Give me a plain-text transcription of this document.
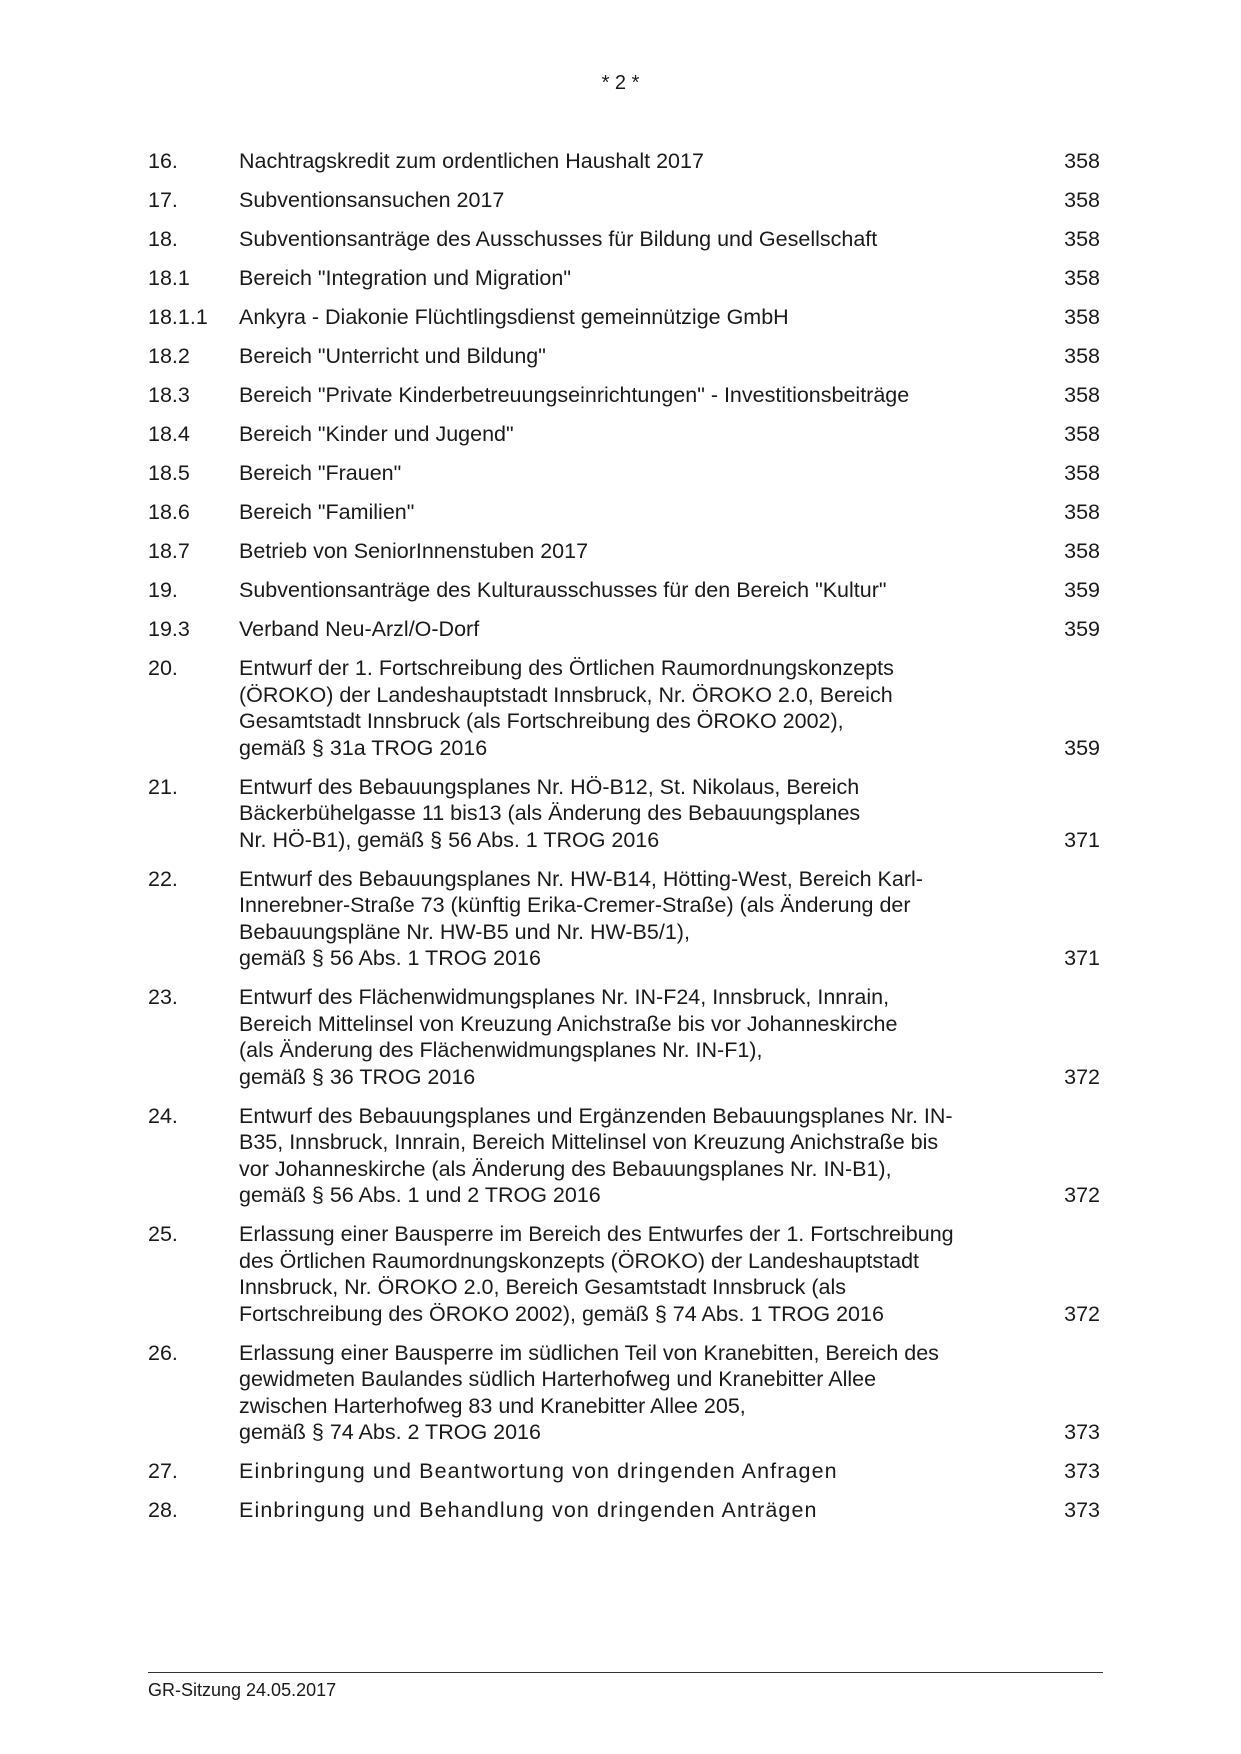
* 2 *
16.	Nachtragskredit zum ordentlichen Haushalt 2017	358
17.	Subventionsansuchen 2017	358
18.	Subventionsanträge des Ausschusses für Bildung und Gesellschaft	358
18.1	Bereich "Integration und Migration"	358
18.1.1	Ankyra - Diakonie Flüchtlingsdienst gemeinnützige GmbH	358
18.2	Bereich "Unterricht und Bildung"	358
18.3	Bereich "Private Kinderbetreuungseinrichtungen" - Investitionsbeiträge	358
18.4	Bereich "Kinder und Jugend"	358
18.5	Bereich "Frauen"	358
18.6	Bereich "Familien"	358
18.7	Betrieb von SeniorInnenstuben 2017	358
19.	Subventionsanträge des Kulturausschusses für den Bereich "Kultur"	359
19.3	Verband Neu-Arzl/O-Dorf	359
20.	Entwurf der 1. Fortschreibung des Örtlichen Raumordnungskonzepts
(ÖROKO) der Landeshauptstadt Innsbruck, Nr. ÖROKO 2.0, Bereich
Gesamtstadt Innsbruck (als Fortschreibung des ÖROKO 2002),
gemäß § 31a TROG 2016	359
21.	Entwurf des Bebauungsplanes Nr. HÖ-B12, St. Nikolaus, Bereich
Bäckerbühelgasse 11 bis13 (als Änderung des Bebauungsplanes
Nr. HÖ-B1), gemäß § 56 Abs. 1 TROG 2016	371
22.	Entwurf des Bebauungsplanes Nr. HW-B14, Hötting-West, Bereich Karl-
Innerebner-Straße 73 (künftig Erika-Cremer-Straße) (als Änderung der
Bebauungspläne Nr. HW-B5 und Nr. HW-B5/1),
gemäß § 56 Abs. 1 TROG 2016	371
23.	Entwurf des Flächenwidmungsplanes Nr. IN-F24, Innsbruck, Innrain,
Bereich Mittelinsel von Kreuzung Anichstraße bis vor Johanneskirche
(als Änderung des Flächenwidmungsplanes Nr. IN-F1),
gemäß § 36 TROG 2016	372
24.	Entwurf des Bebauungsplanes und Ergänzenden Bebauungsplanes Nr. IN-
B35, Innsbruck, Innrain, Bereich Mittelinsel von Kreuzung Anichstraße bis
vor Johanneskirche (als Änderung des Bebauungsplanes Nr. IN-B1),
gemäß § 56 Abs. 1 und 2 TROG 2016	372
25.	Erlassung einer Bausperre im Bereich des Entwurfes der 1. Fortschreibung
des Örtlichen Raumordnungskonzepts (ÖROKO) der Landeshauptstadt
Innsbruck, Nr. ÖROKO 2.0, Bereich Gesamtstadt Innsbruck (als
Fortschreibung des ÖROKO 2002), gemäß § 74 Abs. 1 TROG 2016	372
26.	Erlassung einer Bausperre im südlichen Teil von Kranebitten, Bereich des
gewidmeten Baulandes südlich Harterhofweg und Kranebitter Allee
zwischen Harterhofweg 83 und Kranebitter Allee 205,
gemäß § 74 Abs. 2 TROG 2016	373
27.	Einbringung und Beantwortung von dringenden Anfragen	373
28.	Einbringung und Behandlung von dringenden Anträgen	373
GR-Sitzung 24.05.2017
